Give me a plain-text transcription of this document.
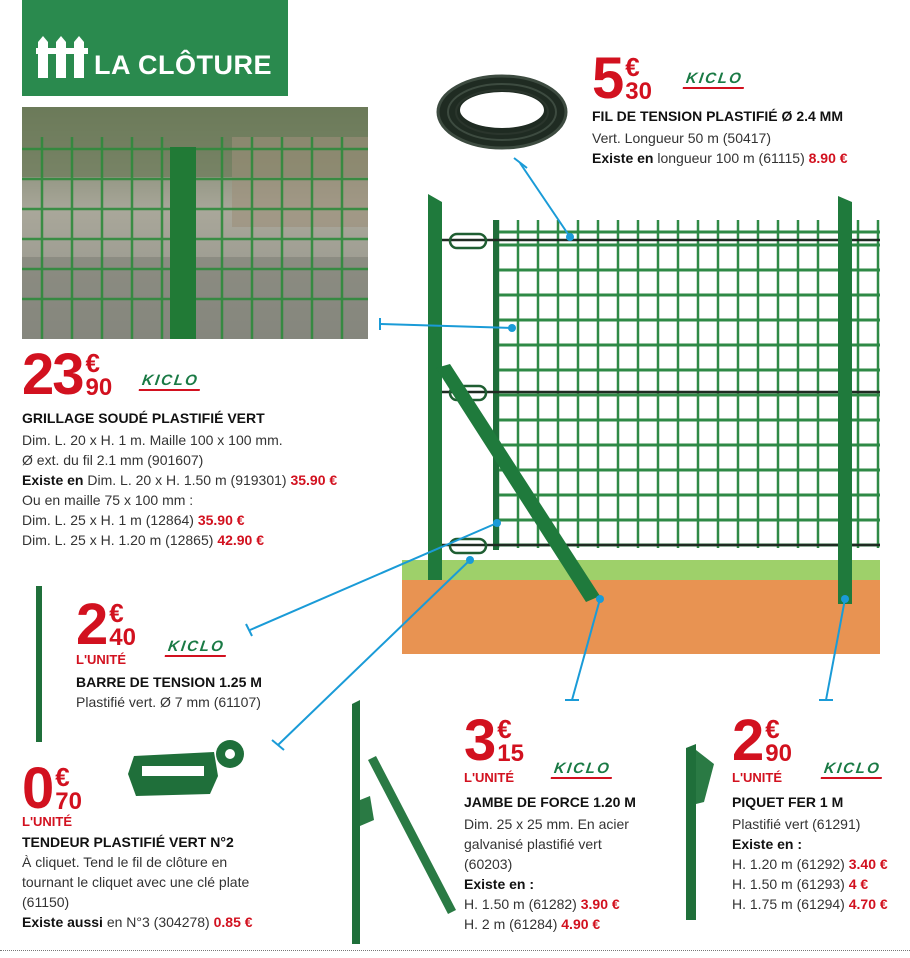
LA CLÔTURE	5 €
30 KICLO
FIL DE TENSION PLASTIFIÉ Ø 2.4 MM
Vert. Longueur 50 m (50417)
Existe en longueur 100 m (61115) 8.90 €
23 €
90 KICLO
GRILLAGE SOUDÉ PLASTIFIÉ VERT
Dim. L. 20 x H. 1 m. Maille 100 x 100 mm.
Ø ext. du fil 2.1 mm (901607)
Existe en Dim. L. 20 x H. 1.50 m (919301) 35.90 €
Ou en maille 75 x 100 mm :
Dim. L. 25 x H. 1 m (12864) 35.90 €
Dim. L. 25 x H. 1.20 m (12865) 42.90 €
2 €
40
L'UNITÉ
KICLO
BARRE DE TENSION 1.25 M
Plastifié vert. Ø 7 mm (61107)
0 €
70
L'UNITÉ
TENDEUR PLASTIFIÉ VERT N°2
À cliquet. Tend le fil de clôture en
tournant le cliquet avec une clé plate
(61150)
Existe aussi en N°3 (304278) 0.85 €
3 €
15
L'UNITÉ
KICLO
JAMBE DE FORCE 1.20 M
Dim. 25 x 25 mm. En acier
galvanisé plastifié vert
(60203)
Existe en :
H. 1.50 m (61282) 3.90 €
H. 2 m (61284) 4.90 €
2 €
90
L'UNITÉ
KICLO
PIQUET FER 1 M
Plastifié vert (61291)
Existe en :
H. 1.20 m (61292) 3.40 €
H. 1.50 m (61293) 4 €
H. 1.75 m (61294) 4.70 €
